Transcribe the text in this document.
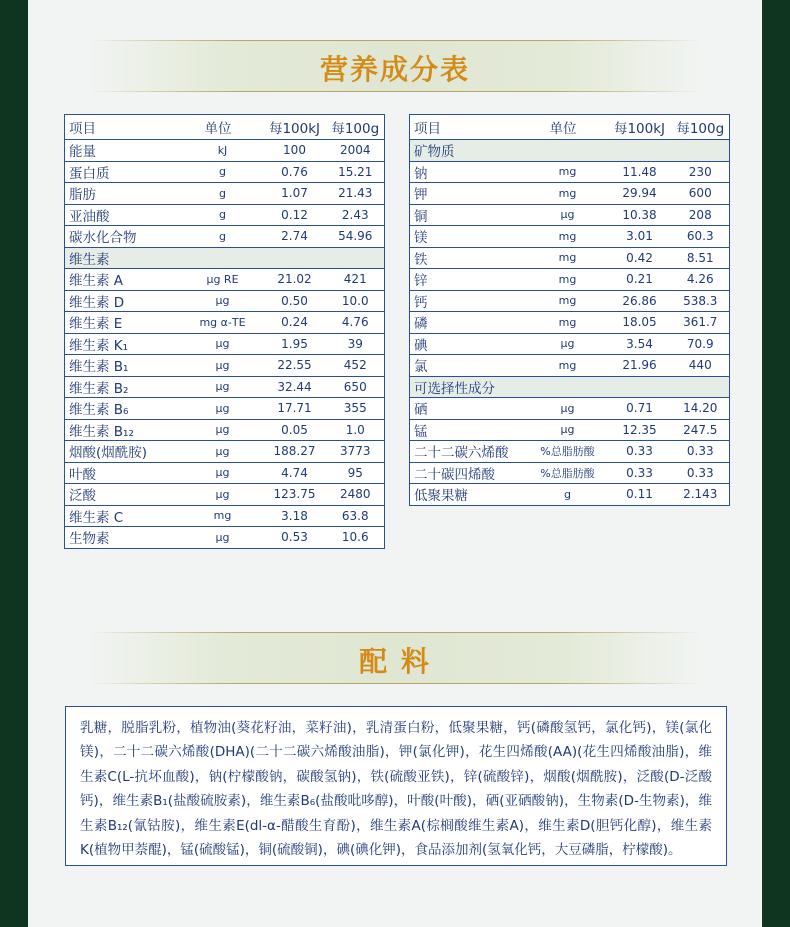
营养成分表
项目	单位	每100kJ	每100g
能量	kJ	100	2004
蛋白质	g	0.76	15.21
脂肪	g	1.07	21.43
亚油酸	g	0.12	2.43
碳水化合物	g	2.74	54.96
维生素			
维生素 A	μg RE	21.02	421
维生素 D	μg	0.50	10.0
维生素 E	mg α-TE	0.24	4.76
维生素 K₁	μg	1.95	39
维生素 B₁	μg	22.55	452
维生素 B₂	μg	32.44	650
维生素 B₆	μg	17.71	355
维生素 B₁₂	μg	0.05	1.0
烟酸(烟酰胺)	μg	188.27	3773
叶酸	μg	4.74	95
泛酸	μg	123.75	2480
维生素 C	mg	3.18	63.8
生物素	μg	0.53	10.6
项目	单位	每100kJ	每100g
矿物质			
钠	mg	11.48	230
钾	mg	29.94	600
铜	μg	10.38	208
镁	mg	3.01	60.3
铁	mg	0.42	8.51
锌	mg	0.21	4.26
钙	mg	26.86	538.3
磷	mg	18.05	361.7
碘	μg	3.54	70.9
氯	mg	21.96	440
可选择性成分			
硒	μg	0.71	14.20
锰	μg	12.35	247.5
二十二碳六烯酸	%总脂肪酸	0.33	0.33
二十碳四烯酸	%总脂肪酸	0.33	0.33
低聚果糖	g	0.11	2.143
配 料

乳糖，脱脂乳粉，植物油(葵花籽油，菜籽油)，乳清蛋白粉，低聚果糖，钙(磷酸氢钙，氯化钙)，镁(氯化镁)，二十二碳六烯酸(DHA)(二十二碳六烯酸油脂)，钾(氯化钾)，花生四烯酸(AA)(花生四烯酸油脂)，维生素C(L-抗坏血酸)，钠(柠檬酸钠，碳酸氢钠)，铁(硫酸亚铁)，锌(硫酸锌)，烟酸(烟酰胺)，泛酸(D-泛酸钙)，维生素B₁(盐酸硫胺素)，维生素B₆(盐酸吡哆醇)，叶酸(叶酸)，硒(亚硒酸钠)，生物素(D-生物素)，维生素B₁₂(氰钴胺)，维生素E(dl-α-醋酸生育酚)，维生素A(棕榈酸维生素A)，维生素D(胆钙化醇)，维生素K(植物甲萘醌)，锰(硫酸锰)，铜(硫酸铜)，碘(碘化钾)，食品添加剂(氢氧化钙，大豆磷脂，柠檬酸)。
